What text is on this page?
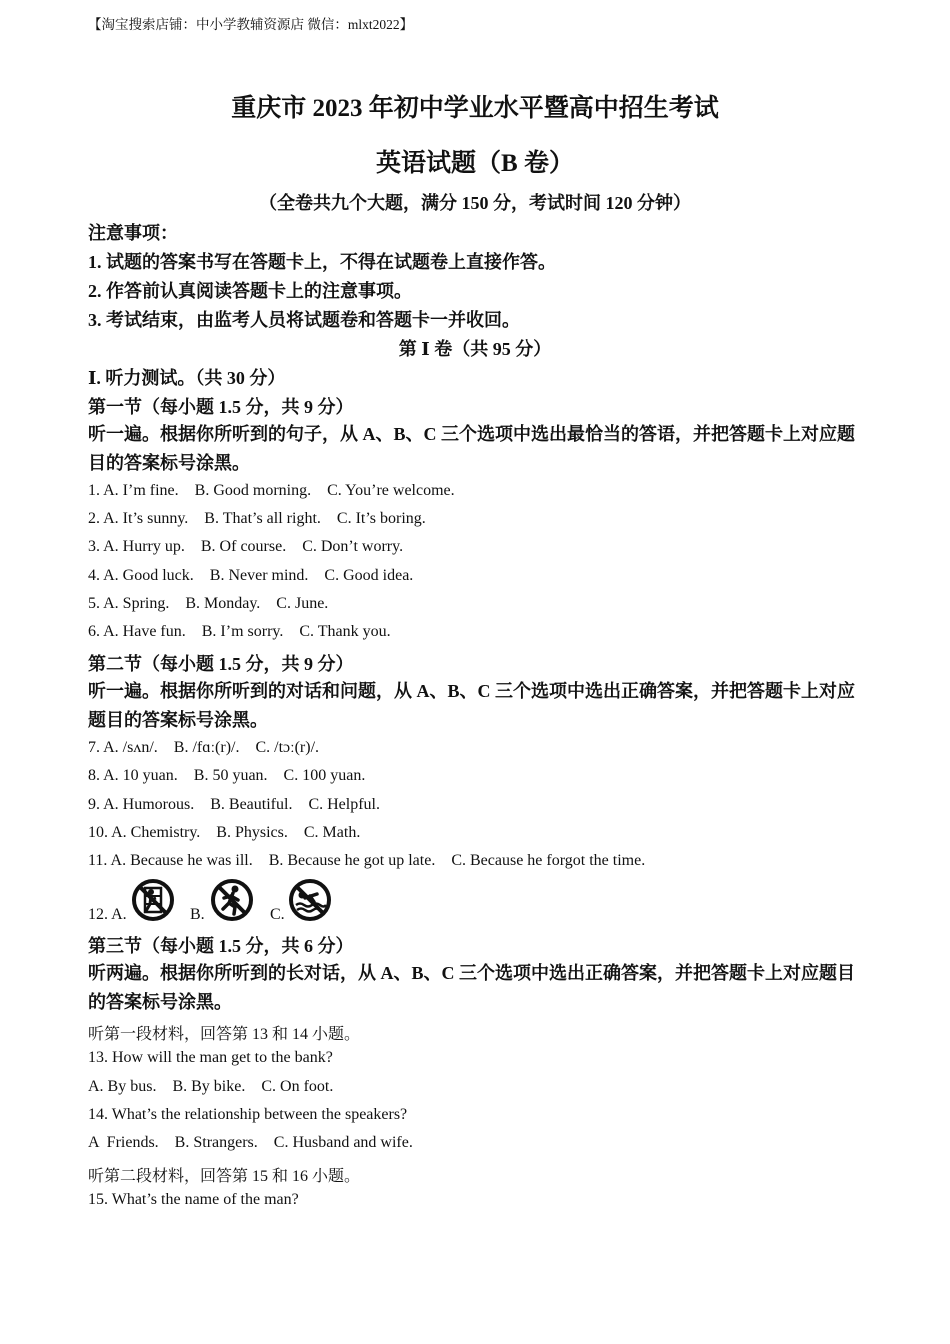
【淘宝搜索店铺：中小学教辅资源店 微信：mlxt2022】
重庆市 2023 年初中学业水平暨高中招生考试
英语试题（B 卷）
（全卷共九个大题，满分 150 分，考试时间 120 分钟）
注意事项：
1. 试题的答案书写在答题卡上，不得在试题卷上直接作答。
2. 作答前认真阅读答题卡上的注意事项。
3. 考试结束，由监考人员将试题卷和答题卡一并收回。
第 Ⅰ 卷（共 95 分）
Ⅰ. 听力测试。（共 30 分）
第一节（每小题 1.5 分，共 9 分）
听一遍。根据你所听到的句子，从 A、B、C 三个选项中选出最恰当的答语，并把答题卡上对应题目的答案标号涂黑。
1. A. I’m fine.    B. Good morning.    C. You’re welcome.
2. A. It’s sunny.    B. That’s all right.    C. It’s boring.
3. A. Hurry up.    B. Of course.    C. Don’t worry.
4. A. Good luck.    B. Never mind.    C. Good idea.
5. A. Spring.    B. Monday.    C. June.
6. A. Have fun.    B. I’m sorry.    C. Thank you.
第二节（每小题 1.5 分，共 9 分）
听一遍。根据你所听到的对话和问题，从 A、B、C 三个选项中选出正确答案，并把答题卡上对应题目的答案标号涂黑。
7. A. /sʌn/.    B. /fɑː(r)/.    C. /tɔː(r)/.
8. A. 10 yuan.    B. 50 yuan.    C. 100 yuan.
9. A. Humorous.    B. Beautiful.    C. Helpful.
10. A. Chemistry.    B. Physics.    C. Math.
11. A. Because he was ill.    B. Because he got up late.    C. Because he forgot the time.
12. A.	B.	C.
第三节（每小题 1.5 分，共 6 分）
听两遍。根据你所听到的长对话，从 A、B、C 三个选项中选出正确答案，并把答题卡上对应题目的答案标号涂黑。
听第一段材料，回答第 13 和 14 小题。
13. How will the man get to the bank?
A. By bus.    B. By bike.    C. On foot.
14. What’s the relationship between the speakers?
A  Friends.    B. Strangers.    C. Husband and wife.
听第二段材料，回答第 15 和 16 小题。
15. What’s the name of the man?
